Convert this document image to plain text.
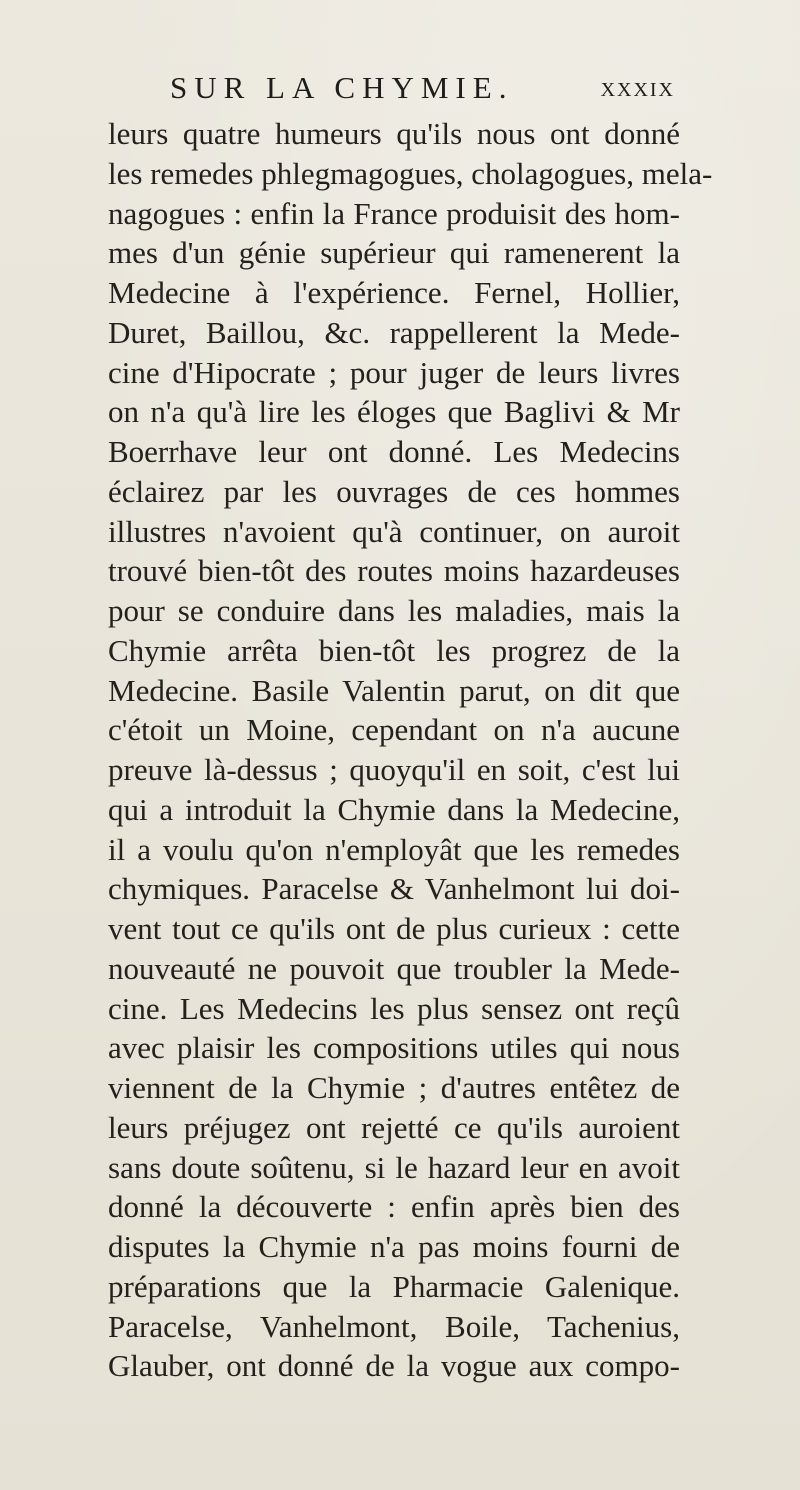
SUR LA CHYMIE.	xxxix
leurs quatre humeurs qu'ils nous ont donné
les remedes phlegmagogues, cholagogues, mela-
nagogues : enfin la France produisit des hom-
mes d'un génie supérieur qui ramenerent la
Medecine à l'expérience. Fernel, Hollier,
Duret, Baillou, &c. rappellerent la Mede-
cine d'Hipocrate ; pour juger de leurs livres
on n'a qu'à lire les éloges que Baglivi & Mr
Boerrhave leur ont donné. Les Medecins
éclairez par les ouvrages de ces hommes
illustres n'avoient qu'à continuer, on auroit
trouvé bien-tôt des routes moins hazardeuses
pour se conduire dans les maladies, mais la
Chymie arrêta bien-tôt les progrez de la
Medecine. Basile Valentin parut, on dit que
c'étoit un Moine, cependant on n'a aucune
preuve là-dessus ; quoyqu'il en soit, c'est lui
qui a introduit la Chymie dans la Medecine,
il a voulu qu'on n'employât que les remedes
chymiques. Paracelse & Vanhelmont lui doi-
vent tout ce qu'ils ont de plus curieux : cette
nouveauté ne pouvoit que troubler la Mede-
cine. Les Medecins les plus sensez ont reçû
avec plaisir les compositions utiles qui nous
viennent de la Chymie ; d'autres entêtez de
leurs préjugez ont rejetté ce qu'ils auroient
sans doute soûtenu, si le hazard leur en avoit
donné la découverte : enfin après bien des
disputes la Chymie n'a pas moins fourni de
préparations que la Pharmacie Galenique.
Paracelse, Vanhelmont, Boile, Tachenius,
Glauber, ont donné de la vogue aux compo-
